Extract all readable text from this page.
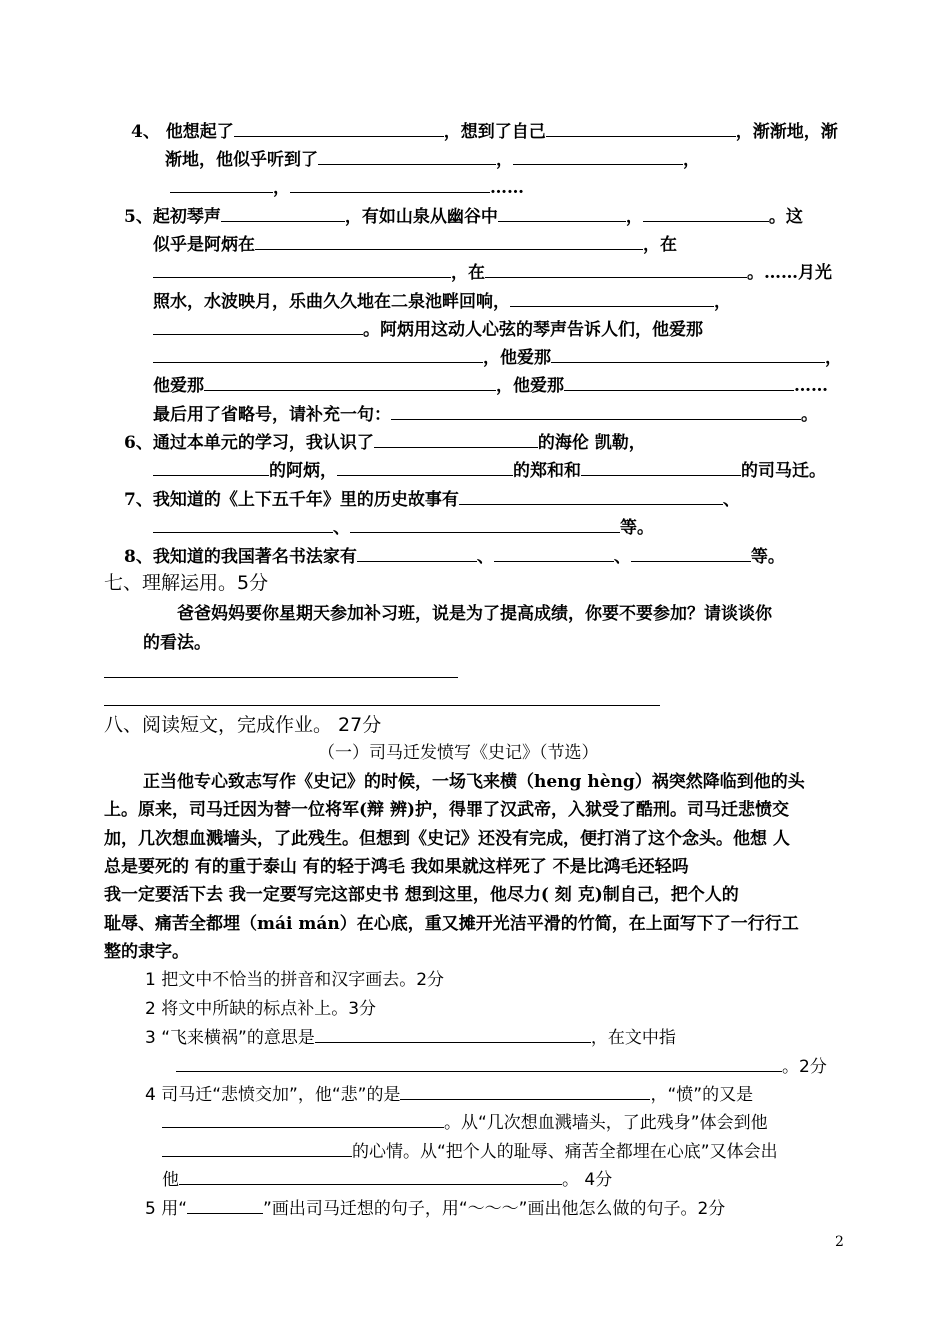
4、 他想起了	，想到了自己	，渐渐地，渐
渐地，他似乎听到了	，	，
，	……
5、起初琴声	，有如山泉从幽谷中	，	。这
似乎是阿炳在	，在
，在	。……月光
照水，水波映月，乐曲久久地在二泉池畔回响，	，
。阿炳用这动人心弦的琴声告诉人们，他爱那
，他爱那	，
他爱那	，他爱那	……
最后用了省略号，请补充一句：	。
6、通过本单元的学习，我认识了	的海伦 凯勒，
的阿炳，	的郑和和	的司马迁。
7、我知道的《上下五千年》里的历史故事有	、
、	等。
8、我知道的我国著名书法家有	、	、	等。
七、理解运用。5分
爸爸妈妈要你星期天参加补习班，说是为了提高成绩，你要不要参加？请谈谈你
的看法。
八、阅读短文，完成作业。 27分
（一）司马迁发愤写《史记》（节选）
正当他专心致志写作《史记》的时候，一场飞来横（heng hèng）祸突然降临到他的头
上。原来，司马迁因为替一位将军(辩 辨)护，得罪了汉武帝，入狱受了酷刑。司马迁悲愤交
加，几次想血溅墙头，了此残生。但想到《史记》还没有完成，便打消了这个念头。他想 人
总是要死的 有的重于泰山 有的轻于鸿毛 我如果就这样死了 不是比鸿毛还轻吗
我一定要活下去 我一定要写完这部史书 想到这里，他尽力( 刻 克)制自己，把个人的
耻辱、痛苦全都埋（mái mán）在心底，重又摊开光洁平滑的竹简，在上面写下了一行行工
整的隶字。
1 把文中不恰当的拼音和汉字画去。2分
2 将文中所缺的标点补上。3分
3 “飞来横祸”的意思是	，在文中指
。2分
4 司马迁“悲愤交加”，他“悲”的是	，“愤”的又是
。从“几次想血溅墙头，了此残身”体会到他
的心情。从“把个人的耻辱、痛苦全都埋在心底”又体会出
他	。 4分
5 用“	”画出司马迁想的句子，用“～～～”画出他怎么做的句子。2分
2
